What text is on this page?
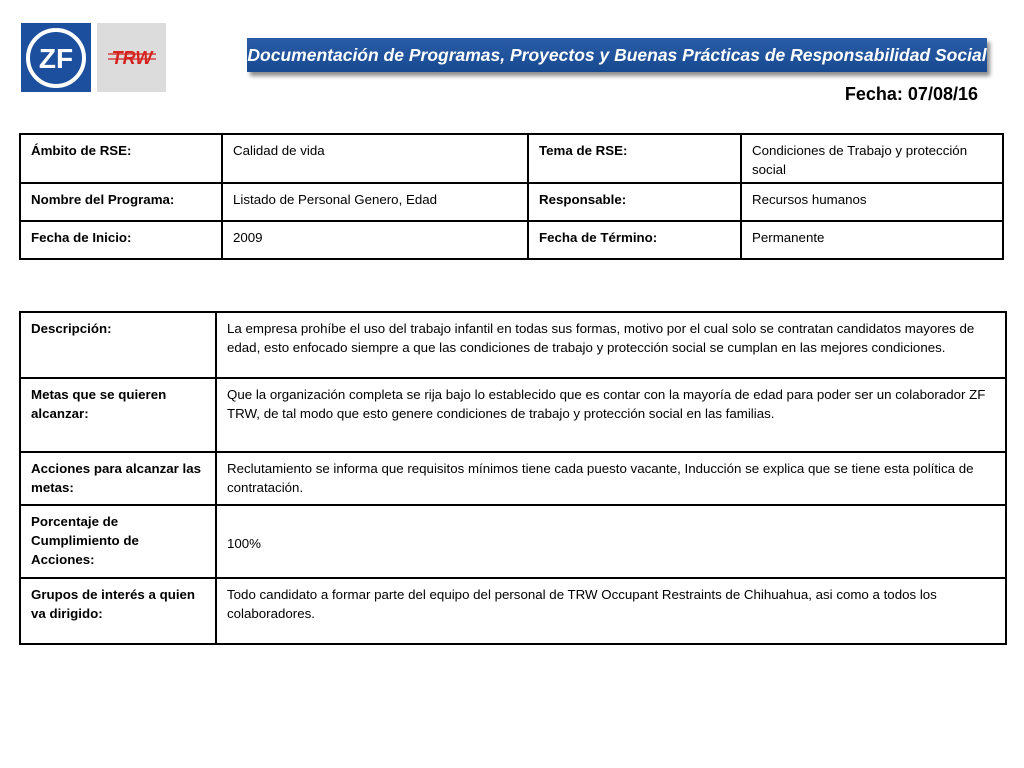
ZF TRW	Documentación de Programas, Proyectos y Buenas Prácticas de Responsabilidad Social
Fecha: 07/08/16
Ámbito de RSE:	Calidad de vida	Tema de RSE:	Condiciones de Trabajo y protección social
Nombre del Programa:	Listado de Personal Genero, Edad	Responsable:	Recursos humanos
Fecha de Inicio:	2009	Fecha de Término:	Permanente
Descripción:	La empresa prohíbe el uso del trabajo infantil en todas sus formas, motivo por el cual solo se contratan candidatos mayores de edad, esto enfocado siempre a que las condiciones de trabajo y protección social se cumplan en las mejores condiciones.
Metas que se quieren alcanzar:	Que la organización completa se rija bajo lo establecido que es contar con la mayoría de edad para poder ser un colaborador ZF TRW, de tal modo que esto genere condiciones de trabajo y protección social en las familias.
Acciones para alcanzar las metas:	Reclutamiento se informa que requisitos mínimos tiene cada puesto vacante, Inducción se explica que se tiene esta política de contratación.
Porcentaje de Cumplimiento de Acciones:	100%
Grupos de interés a quien va dirigido:	Todo candidato a formar parte del equipo del personal de TRW Occupant Restraints de Chihuahua, asi como a todos los colaboradores.
